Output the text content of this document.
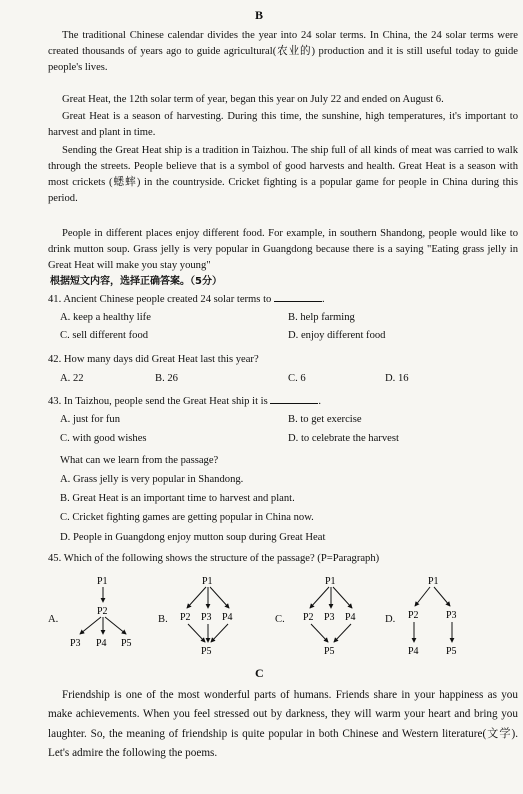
B
The traditional Chinese calendar divides the year into 24 solar terms. In China, the 24 solar terms were created thousands of years ago to guide agricultural(农业的) production and it is still useful today to guide people's lives.
Great Heat, the 12th solar term of year, began this year on July 22 and ended on August 6.
Great Heat is a season of harvesting. During this time, the sunshine, high temperatures, it's important to harvest and plant in time.
Sending the Great Heat ship is a tradition in Taizhou. The ship full of all kinds of meat was carried to walk through the streets. People believe that is a symbol of good harvests and health. Great Heat is a season with most crickets (蟋蟀) in the countryside. Cricket fighting is a popular game for people in China during this period.
People in different places enjoy different food. For example, in southern Shandong, people would like to drink mutton soup. Grass jelly is very popular in Guangdong because there is a saying "Eating grass jelly in Great Heat will make you stay young"
根据短文内容，选择正确答案。（5分）
41. Ancient Chinese people created 24 solar terms to	.
A. keep a healthy life	B. help farming
C. sell different food	D. enjoy different food
42. How many days did Great Heat last this year?
A. 22	B. 26	C. 6	D. 16
43. In Taizhou, people send the Great Heat ship it is	.
A. just for fun	B. to get exercise
C. with good wishes	D. to celebrate the harvest
What can we learn from the passage?
A. Grass jelly is very popular in Shandong.
B. Great Heat is an important time to harvest and plant.
C. Cricket fighting games are getting popular in China now.
D. People in Guangdong enjoy mutton soup during Great Heat
45. Which of the following shows the structure of the passage? (P=Paragraph)
A.	B.	C.	D.
P1
P2
P3 P4 P5
P1
P2 P3 P4
P5
P1
P2 P3 P4
P5
P1
P2	P3
P4	P5
C
Friendship is one of the most wonderful parts of humans. Friends share in your happiness as you make achievements. When you feel stressed out by darkness, they will warm your heart and bring you laughter. So, the meaning of friendship is quite popular in both Chinese and Western literature(文学). Let's admire the following the poems.
